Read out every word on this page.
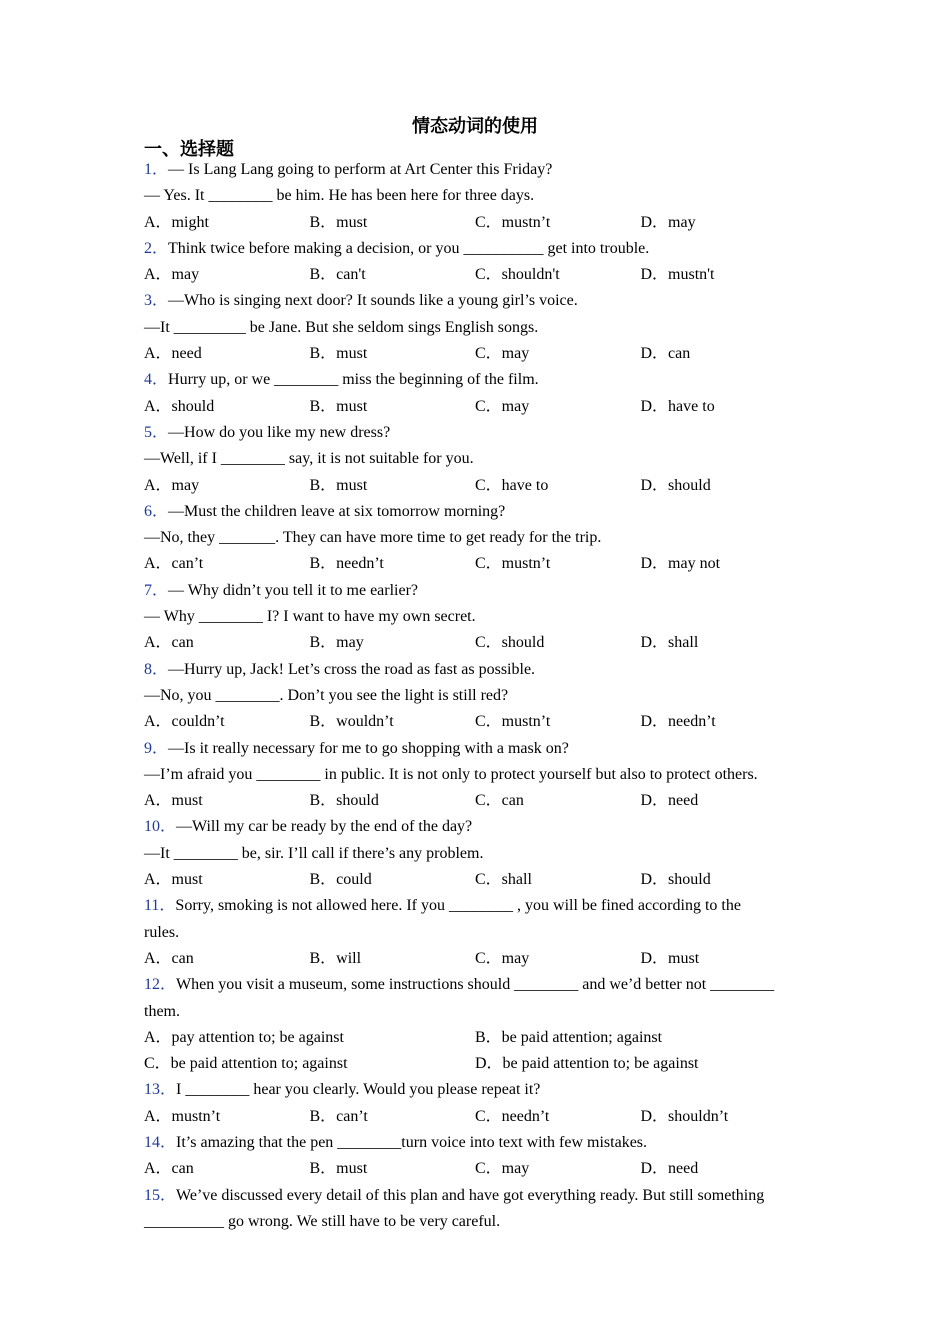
情态动词的使用
一、选择题
1．— Is Lang Lang going to perform at Art Center this Friday?
— Yes. It ________ be him. He has been here for three days.
A．might	B．must	C．mustn’t	D．may
2．Think twice before making a decision, or you __________ get into trouble.
A．may	B．can't	C．shouldn't	D．mustn't
3．—Who is singing next door? It sounds like a young girl’s voice.
—It _________ be Jane. But she seldom sings English songs.
A．need	B．must	C．may	D．can
4．Hurry up, or we ________ miss the beginning of the film.
A．should	B．must	C．may	D．have to
5．—How do you like my new dress?
—Well, if I ________ say, it is not suitable for you.
A．may	B．must	C．have to	D．should
6．—Must the children leave at six tomorrow morning?
—No, they _______. They can have more time to get ready for the trip.
A．can’t	B．needn’t	C．mustn’t	D．may not
7．— Why didn’t you tell it to me earlier?
— Why ________ I? I want to have my own secret.
A．can	B．may	C．should	D．shall
8．—Hurry up, Jack! Let’s cross the road as fast as possible.
—No, you ________. Don’t you see the light is still red?
A．couldn’t	B．wouldn’t	C．mustn’t	D．needn’t
9．—Is it really necessary for me to go shopping with a mask on?
—I’m afraid you ________ in public. It is not only to protect yourself but also to protect others.
A．must	B．should	C．can	D．need
10．—Will my car be ready by the end of the day?
—It ________ be, sir. I’ll call if there’s any problem.
A．must	B．could	C．shall	D．should
11．Sorry, smoking is not allowed here. If you ________ , you will be fined according to the
rules.
A．can	B．will	C．may	D．must
12．When you visit a museum, some instructions should ________ and we’d better not ________
them.
A．pay attention to; be against	B．be paid attention; against
C．be paid attention to; against	D．be paid attention to; be against
13．I ________ hear you clearly. Would you please repeat it?
A．mustn’t	B．can’t	C．needn’t	D．shouldn’t
14．It’s amazing that the pen ________turn voice into text with few mistakes.
A．can	B．must	C．may	D．need
15．We’ve discussed every detail of this plan and have got everything ready. But still something
__________ go wrong. We still have to be very careful.
